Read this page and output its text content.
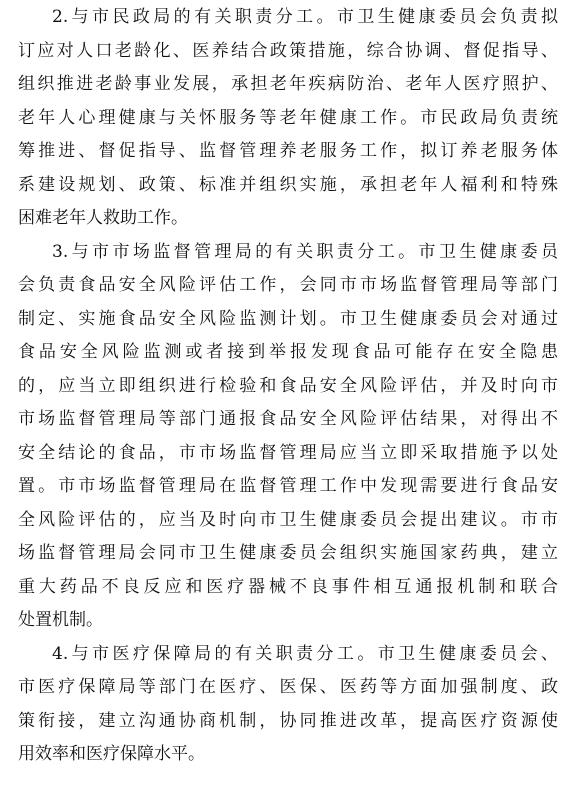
2.与市民政局的有关职责分工。市卫生健康委员会负责拟
订应对人口老龄化、医养结合政策措施，综合协调、督促指导、
组织推进老龄事业发展，承担老年疾病防治、老年人医疗照护、
老年人心理健康与关怀服务等老年健康工作。市民政局负责统
筹推进、督促指导、监督管理养老服务工作，拟订养老服务体
系建设规划、政策、标准并组织实施，承担老年人福利和特殊
困难老年人救助工作。
3.与市市场监督管理局的有关职责分工。市卫生健康委员
会负责食品安全风险评估工作，会同市市场监督管理局等部门
制定、实施食品安全风险监测计划。市卫生健康委员会对通过
食品安全风险监测或者接到举报发现食品可能存在安全隐患
的，应当立即组织进行检验和食品安全风险评估，并及时向市
市场监督管理局等部门通报食品安全风险评估结果，对得出不
安全结论的食品，市市场监督管理局应当立即采取措施予以处
置。市市场监督管理局在监督管理工作中发现需要进行食品安
全风险评估的，应当及时向市卫生健康委员会提出建议。市市
场监督管理局会同市卫生健康委员会组织实施国家药典，建立
重大药品不良反应和医疗器械不良事件相互通报机制和联合
处置机制。
4.与市医疗保障局的有关职责分工。市卫生健康委员会、
市医疗保障局等部门在医疗、医保、医药等方面加强制度、政
策衔接，建立沟通协商机制，协同推进改革，提高医疗资源使
用效率和医疗保障水平。
